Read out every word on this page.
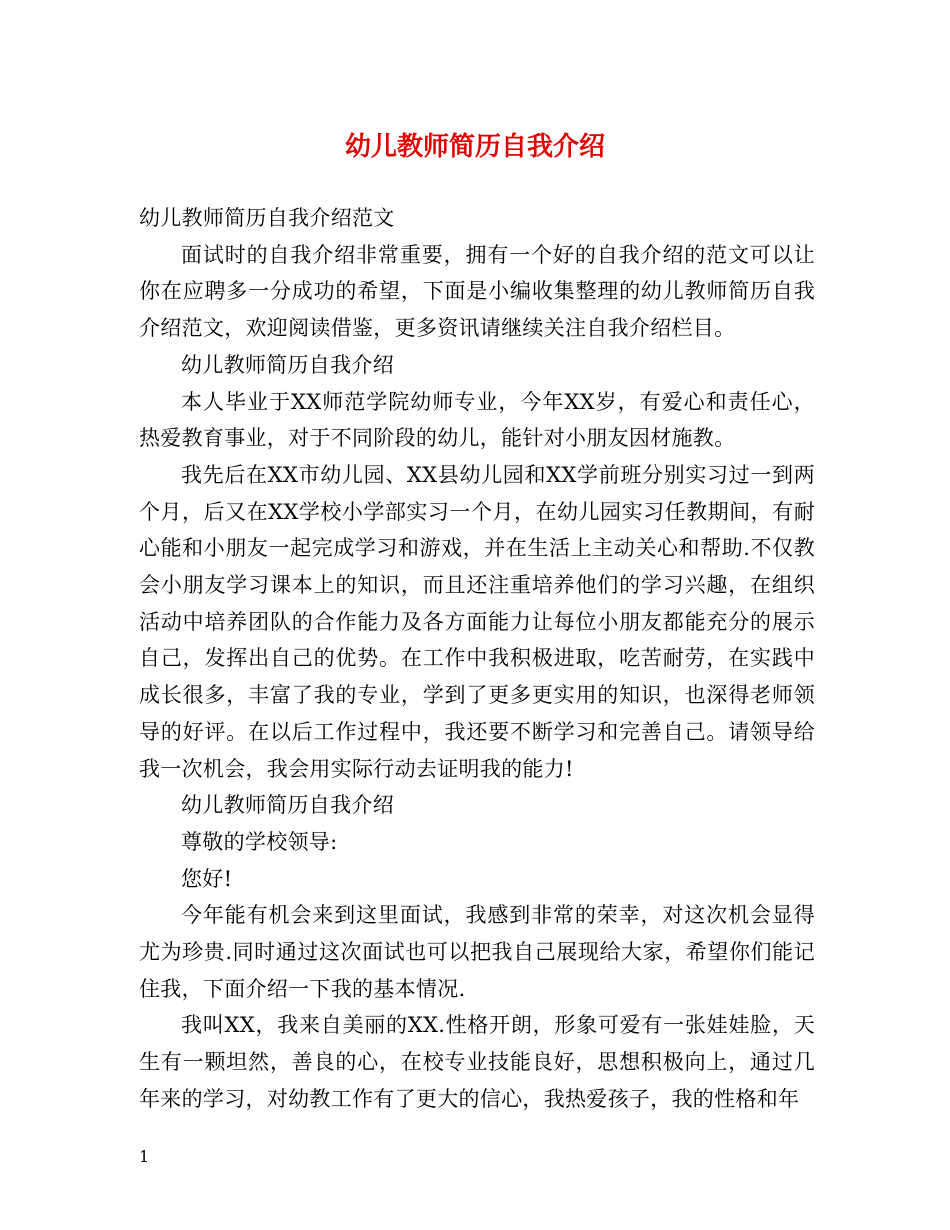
幼儿教师简历自我介绍

幼儿教师简历自我介绍范文

面试时的自我介绍非常重要，拥有一个好的自我介绍的范文可以让你在应聘多一分成功的希望，下面是小编收集整理的幼儿教师简历自我介绍范文，欢迎阅读借鉴，更多资讯请继续关注自我介绍栏目。

幼儿教师简历自我介绍

本人毕业于XX师范学院幼师专业，今年XX岁，有爱心和责任心，热爱教育事业，对于不同阶段的幼儿，能针对小朋友因材施教。

我先后在XX市幼儿园、XX县幼儿园和XX学前班分别实习过一到两个月，后又在XX学校小学部实习一个月，在幼儿园实习任教期间，有耐心能和小朋友一起完成学习和游戏，并在生活上主动关心和帮助.不仅教会小朋友学习课本上的知识，而且还注重培养他们的学习兴趣，在组织活动中培养团队的合作能力及各方面能力让每位小朋友都能充分的展示自己，发挥出自己的优势。在工作中我积极进取，吃苦耐劳，在实践中成长很多，丰富了我的专业，学到了更多更实用的知识，也深得老师领导的好评。在以后工作过程中，我还要不断学习和完善自己。请领导给我一次机会，我会用实际行动去证明我的能力!

幼儿教师简历自我介绍

尊敬的学校领导:

您好!

今年能有机会来到这里面试，我感到非常的荣幸，对这次机会显得尤为珍贵.同时通过这次面试也可以把我自己展现给大家，希望你们能记住我，下面介绍一下我的基本情况.

我叫XX，我来自美丽的XX.性格开朗，形象可爱有一张娃娃脸，天生有一颗坦然，善良的心，在校专业技能良好，思想积极向上，通过几年来的学习，对幼教工作有了更大的信心，我热爱孩子，我的性格和年

1
